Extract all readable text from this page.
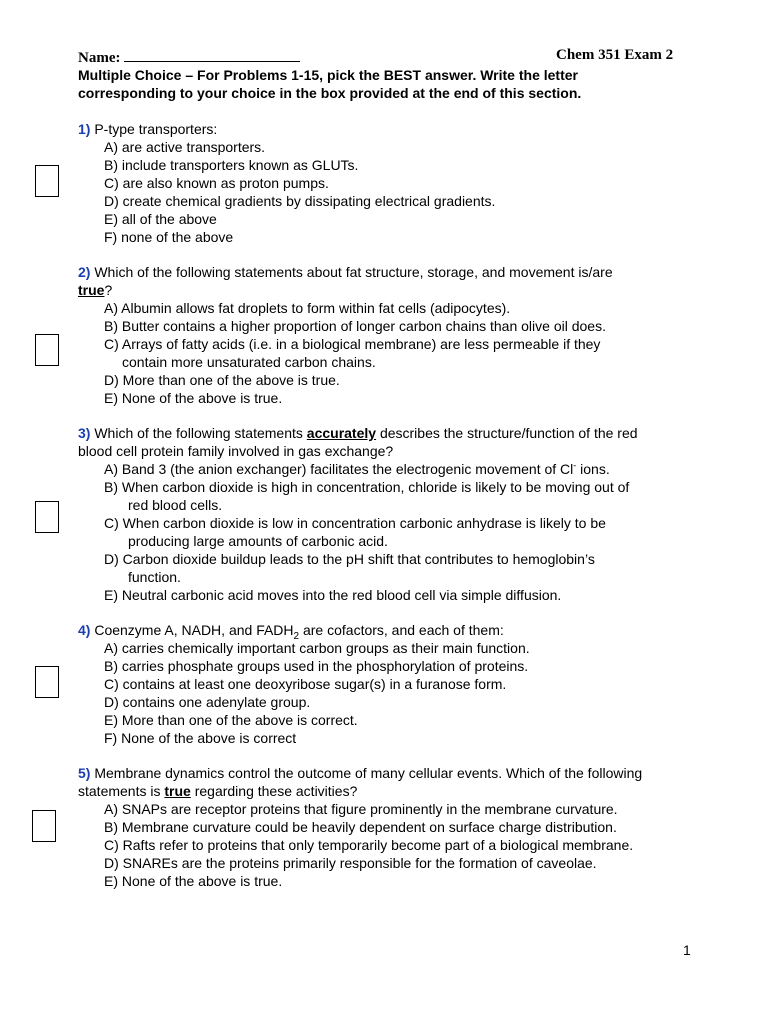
Name:	Chem 351 Exam 2
Multiple Choice – For Problems 1-15, pick the BEST answer. Write the letter
corresponding to your choice in the box provided at the end of this section.
1) P-type transporters:
A) are active transporters.
B) include transporters known as GLUTs.
C) are also known as proton pumps.
D) create chemical gradients by dissipating electrical gradients.
E) all of the above
F) none of the above
2) Which of the following statements about fat structure, storage, and movement is/are
true?
A) Albumin allows fat droplets to form within fat cells (adipocytes).
B) Butter contains a higher proportion of longer carbon chains than olive oil does.
C) Arrays of fatty acids (i.e. in a biological membrane) are less permeable if they
contain more unsaturated carbon chains.
D) More than one of the above is true.
E) None of the above is true.
3) Which of the following statements accurately describes the structure/function of the red
blood cell protein family involved in gas exchange?
A) Band 3 (the anion exchanger) facilitates the electrogenic movement of Cl- ions.
B) When carbon dioxide is high in concentration, chloride is likely to be moving out of
red blood cells.
C) When carbon dioxide is low in concentration carbonic anhydrase is likely to be
producing large amounts of carbonic acid.
D) Carbon dioxide buildup leads to the pH shift that contributes to hemoglobin’s
function.
E) Neutral carbonic acid moves into the red blood cell via simple diffusion.
4) Coenzyme A, NADH, and $FADH_2$ are cofactors, and each of them:
A) carries chemically important carbon groups as their main function.
B) carries phosphate groups used in the phosphorylation of proteins.
C) contains at least one deoxyribose sugar(s) in a furanose form.
D) contains one adenylate group.
E) More than one of the above is correct.
F) None of the above is correct
5) Membrane dynamics control the outcome of many cellular events. Which of the following
statements is true regarding these activities?
A) SNAPs are receptor proteins that figure prominently in the membrane curvature.
B) Membrane curvature could be heavily dependent on surface charge distribution.
C) Rafts refer to proteins that only temporarily become part of a biological membrane.
D) SNAREs are the proteins primarily responsible for the formation of caveolae.
E) None of the above is true.
1
